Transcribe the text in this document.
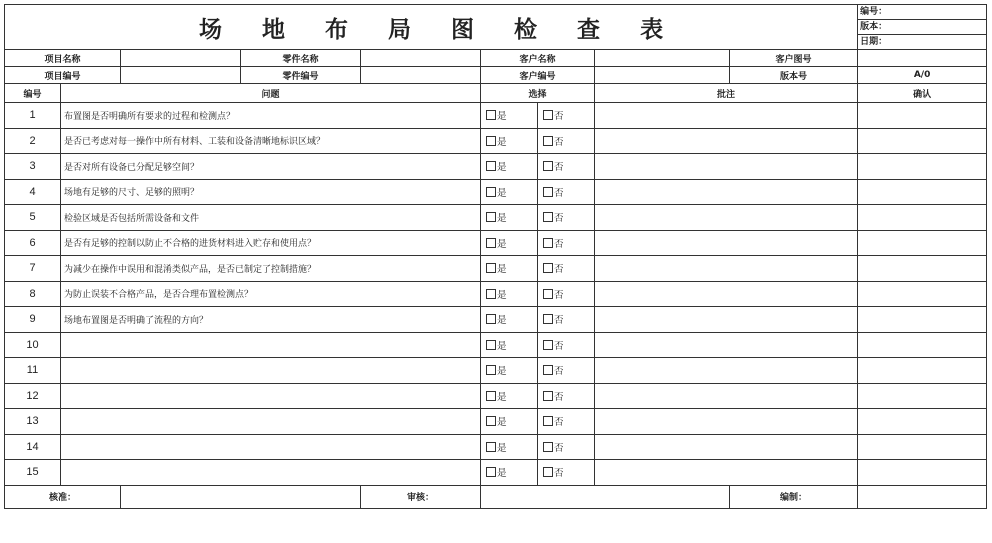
场 地 布 局 图 检 查 表									编号：
版本：
日期：

项目名称			零件名称		客户名称			客户图号	
项目编号			零件编号		客户编号			版本号	A/0
编号	问题				选择		批注		确认
1	布置图是否明确所有要求的过程和检测点？				是	否			
2	是否已考虑对每一操作中所有材料、工装和设备清晰地标识区域？				是	否			
3	是否对所有设备已分配足够空间？				是	否			
4	场地有足够的尺寸、足够的照明？				是	否			
5	检验区域是否包括所需设备和文件				是	否			
6	是否有足够的控制以防止不合格的进货材料进入贮存和使用点？				是	否			
7	为减少在操作中误用和混淆类似产品，是否已制定了控制措施？				是	否			
8	为防止误装不合格产品，是否合理布置检测点？				是	否			
9	场地布置图是否明确了流程的方向？				是	否			
10					是	否			
11					是	否			
12					是	否			
13					是	否			
14					是	否			
15					是	否			
核准：				审核：				编制：	
